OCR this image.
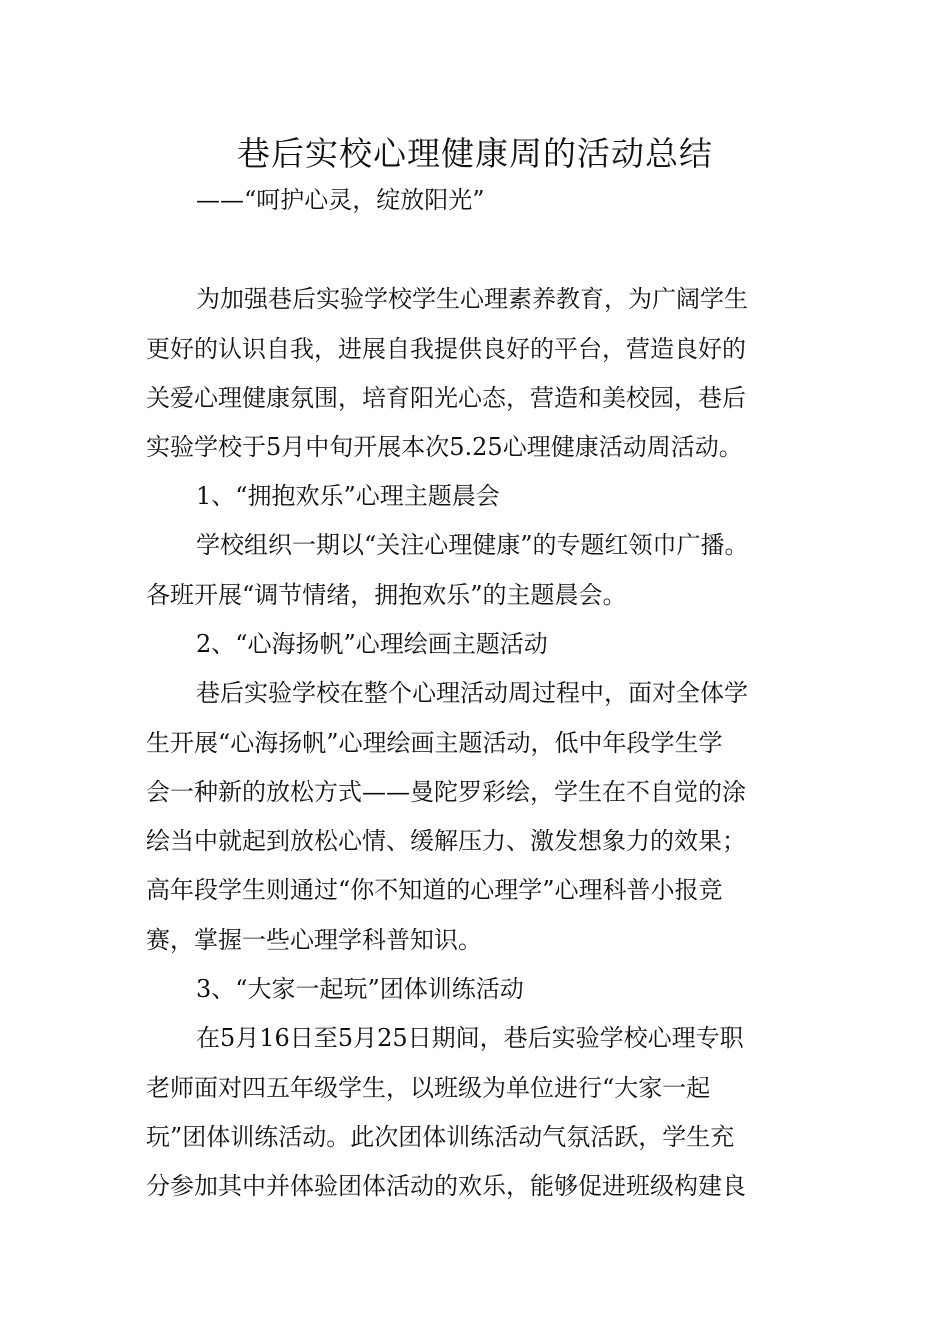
巷后实校心理健康周的活动总结

——“呵护心灵，绽放阳光”

为加强巷后实验学校学生心理素养教育，为广阔学生

更好的认识自我，进展自我提供良好的平台，营造良好的

关爱心理健康氛围，培育阳光心态，营造和美校园，巷后

实验学校于5月中旬开展本次5.25心理健康活动周活动。

1、“拥抱欢乐”心理主题晨会

学校组织一期以“关注心理健康”的专题红领巾广播。

各班开展“调节情绪，拥抱欢乐”的主题晨会。

2、“心海扬帆”心理绘画主题活动

巷后实验学校在整个心理活动周过程中，面对全体学

生开展“心海扬帆”心理绘画主题活动，低中年段学生学

会一种新的放松方式——曼陀罗彩绘，学生在不自觉的涂

绘当中就起到放松心情、缓解压力、激发想象力的效果；

高年段学生则通过“你不知道的心理学”心理科普小报竞

赛，掌握一些心理学科普知识。

3、“大家一起玩”团体训练活动

在5月16日至5月25日期间，巷后实验学校心理专职

老师面对四五年级学生，以班级为单位进行“大家一起

玩”团体训练活动。此次团体训练活动气氛活跃，学生充

分参加其中并体验团体活动的欢乐，能够促进班级构建良
